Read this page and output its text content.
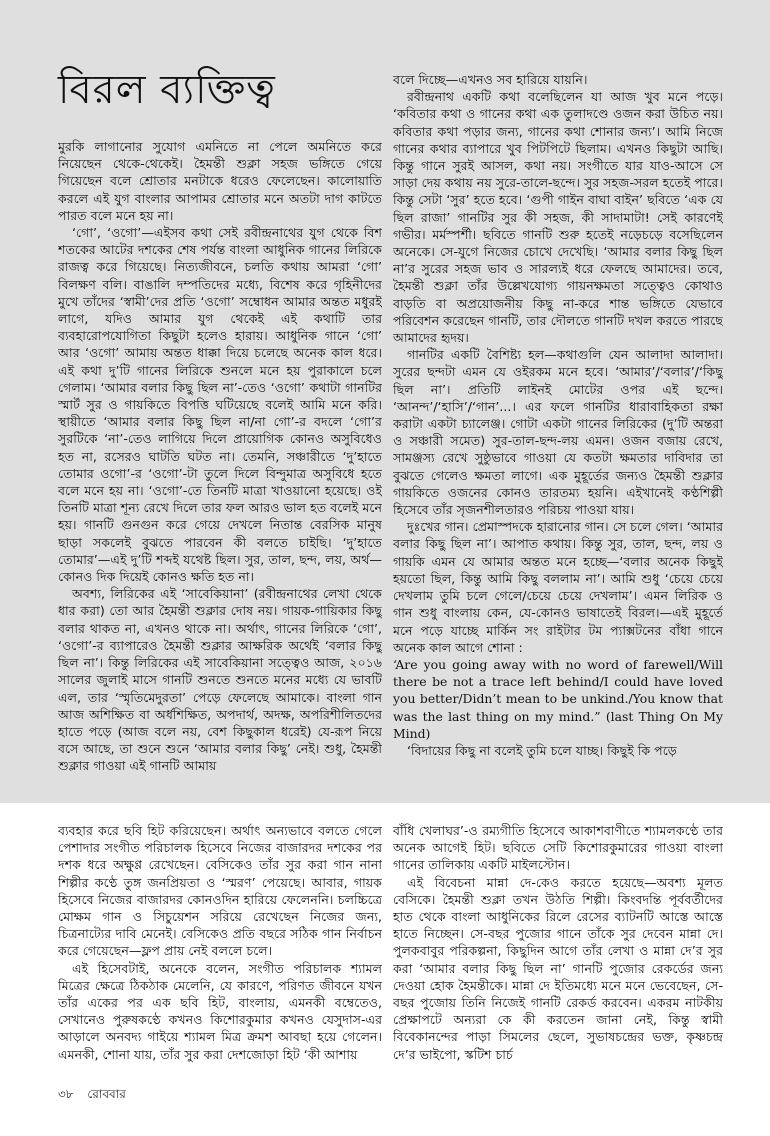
বিরল ব্যক্তিত্ব

মুরকি লাগানোর সুযোগ এমনিতে না পেলে অমনিতে করে নিয়েছেন থেকে-থেকেই। হৈমন্তী শুক্লা সহজ ভঙ্গিতে গেয়ে গিয়েছেন বলে শ্রোতার মনটাকে ধরেও ফেলেছেন। কালোয়াতি করলে এই যুগ বাংলার আপামর শ্রোতার মনে অতটা দাগ কাটতে পারত বলে মনে হয় না।

‘গো’, ‘ওগো’—এইসব কথা সেই রবীন্দ্রনাথের যুগ থেকে বিশ শতকের আটের দশকের শেষ পর্যন্ত বাংলা আধুনিক গানের লিরিকে রাজত্ব করে গিয়েছে। নিত্যজীবনে, চলতি কথায় আমরা ‘গো’ বিলক্ষণ বলি। বাঙালি দম্পতিদের মধ্যে, বিশেষ করে গৃহিনীদের মুখে তাঁদের ‘স্বামী’দের প্রতি ‘ওগো’ সম্বোধন আমার অন্তত মধুরই লাগে, যদিও আমার যুগ থেকেই এই কথাটি তার ব্যবহারোপযোগিতা কিছুটা হলেও হারায়। আধুনিক গানে ‘গো’ আর ‘ওগো’ আমায় অন্তত ধাক্কা দিয়ে চলেছে অনেক কাল ধরে। এই কথা দু’টি গানের লিরিকে শুনলে মনে হয় পুরাকালে চলে গেলাম। ‘আমার বলার কিছু ছিল না’-তেও ‘ওগো’ কথাটা গানটির স্মার্ট সুর ও গায়কিতে বিপত্তি ঘটিয়েছে বলেই আমি মনে করি। স্থায়ীতে ‘আমার বলার কিছু ছিল না/না গো’-র বদলে ‘গো’র সুরটিকে ‘না’-তেও লাগিয়ে দিলে প্রায়োগিক কোনও অসুবিধেও হত না, রসেরও ঘাটতি ঘটত না। তেমনি, সঞ্চারীতে ‘দু’হাতে তোমার ওগো’-র ‘ওগো’-টা তুলে দিলে বিন্দুমাত্র অসুবিধে হতে বলে মনে হয় না। ‘ওগো’-তে তিনটি মাত্রা খাওয়ানো হয়েছে। ওই তিনটি মাত্রা শূন্য রেখে দিলে তার ফল আরও ভাল হত বলেই মনে হয়। গানটি গুনগুন করে গেয়ে দেখলে নিতান্ত বেরসিক মানুষ ছাড়া সকলেই বুঝতে পারবেন কী বলতে চাইছি। ‘দু’হাতে তোমার’—এই দু’টি শব্দই যথেষ্ট ছিল। সুর, তাল, ছন্দ, লয়, অর্থ—কোনও দিক দিয়েই কোনও ক্ষতি হত না।

অবশ্য, লিরিকের এই ‘সাবেকিয়ানা’ (রবীন্দ্রনাথের লেখা থেকে ধার করা) তো আর হৈমন্তী শুক্লার দোষ নয়। গায়ক-গায়িকার কিছু বলার থাকত না, এখনও থাকে না। অর্থাৎ, গানের লিরিকে ‘গো’, ‘ওগো’-র ব্যাপারেও হৈমন্তী শুক্লার আক্ষরিক অর্থেই ‘বলার কিছু ছিল না’। কিন্তু লিরিকের এই সাবেকিয়ানা সত্ত্বেও আজ, ২০১৬ সালের জুলাই মাসে গানটি শুনতে শুনতে মনের মধ্যে যে ভাবটি এল, তার ‘স্মৃতিমেদুরতা’ পেড়ে ফেলেছে আমাকে। বাংলা গান আজ অশিক্ষিত বা অর্ধশিক্ষিত, অপদার্থ, অদক্ষ, অপরিশীলিতদের হাতে পড়ে (আজ বলে নয়, বেশ কিছুকাল ধরেই) যে-রূপ নিয়ে বসে আছে, তা শুনে শুনে ‘আমার বলার কিছু’ নেই। শুধু, হৈমন্তী শুক্লার গাওয়া এই গানটি আমায়

বলে দিচ্ছে—এখনও সব হারিয়ে যায়নি।

রবীন্দ্রনাথ একটি কথা বলেছিলেন যা আজ খুব মনে পড়ে। ‘কবিতার কথা ও গানের কথা এক তুলাদণ্ডে ওজন করা উচিত নয়। কবিতার কথা পড়ার জন্য, গানের কথা শোনার জন্য’। আমি নিজে গানের কথার ব্যাপারে খুব পিটপিটে ছিলাম। এখনও কিছুটা আছি। কিন্তু গানে সুরই আসল, কথা নয়। সংগীতে যার যাও-আসে সে সাড়া দেয় কথায় নয় সুরে-তালে-ছন্দে। সুর সহজ-সরল হতেই পারে। কিন্তু সেটা ‘সুর’ হতে হবে। ‘গুপী গাইন বাঘা বাইন’ ছবিতে ‘এক যে ছিল রাজা’ গানটির সুর কী সহজ, কী সাদামাটা! সেই কারণেই গভীর। মর্মস্পর্শী। ছবিতে গানটি শুরু হতেই নড়েচড়ে বসেছিলেন অনেকে। সে-যুগে নিজের চোখে দেখেছি। ‘আমার বলার কিছু ছিল না’র সুরের সহজ ভাব ও সারল্যই ধরে ফেলছে আমাদের। তবে, হৈমন্তী শুক্লা তাঁর উল্লেখযোগ্য গায়নক্ষমতা সত্ত্বেও কোথাও বাড়তি বা অপ্রয়োজনীয় কিছু না-করে শান্ত ভঙ্গিতে যেভাবে পরিবেশন করেছেন গানটি, তার দৌলতে গানটি দখল করতে পারছে আমাদের হৃদয়।

গানটির একটি বৈশিষ্ট্য হল—কথাগুলি যেন আলাদা আলাদা। সুরের ছন্দটা এমন যে ওইরকম মনে হবে। ‘আমার’/‘বলার’/‘কিছু ছিল না’। প্রতিটি লাইনই মোটের ওপর এই ছন্দে। ‘আনন্দ’/‘হাসি’/‘গান’...। এর ফলে গানটির ধারাবাহিকতা রক্ষা করাটা একটা চ্যালেঞ্জ। গোটা একটা গানের লিরিকের (দু’টি অন্তরা ও সঞ্চারী সমেত) সুর-তাল-ছন্দ-লয় এমন। ওজন বজায় রেখে, সামঞ্জস্য রেখে সুষ্ঠুভাবে গাওয়া যে কতটা ক্ষমতার দাবিদার তা বুঝতে গেলেও ক্ষমতা লাগে। এক মুহূর্তের জন্যও হৈমন্তী শুক্লার গায়কিতে ওজনের কোনও তারতম্য হয়নি। এইখানেই কণ্ঠশিল্পী হিসেবে তাঁর সৃজনশীলতারও পরিচয় পাওয়া যায়।

দুঃখের গান। প্রেমাস্পদকে হারানোর গান। সে চলে গেল। ‘আমার বলার কিছু ছিল না’। আপাত কথায়। কিন্তু সুর, তাল, ছন্দ, লয় ও গায়কি এমন যে আমার অন্তত মনে হচ্ছে—‘বলার অনেক কিছুই হয়তো ছিল, কিন্তু আমি কিছু বললাম না’। আমি শুধু ‘চেয়ে চেয়ে দেখলাম তুমি চলে গেলে/চেয়ে চেয়ে দেখলাম’। এমন লিরিক ও গান শুধু বাংলায় কেন, যে-কোনও ভাষাতেই বিরল।—এই মুহূর্তে মনে পড়ে যাচ্ছে মার্কিন সং রাইটার টম প্যাক্সটনের বাঁধা গানে অনেক কাল আগে শোনা :

‘Are you going away with no word of farewell/Will there be not a trace left behind/I could have loved you better/Didn’t mean to be unkind./You know that was the last thing on my mind.” (last Thing On My Mind)

‘বিদায়ের কিছু না বলেই তুমি চলে যাচ্ছ। কিছুই কি পড়ে

ব্যবহার করে ছবি হিট করিয়েছেন। অর্থাৎ অন্যভাবে বলতে গেলে পেশাদার সংগীত পরিচালক হিসেবে নিজের বাজারদর দশকের পর দশক ধরে অক্ষুণ্ণ রেখেছেন। বেসিকেও তাঁর সুর করা গান নানা শিল্পীর কণ্ঠে তুঙ্গ জনপ্রিয়তা ও ‘স্মরণ’ পেয়েছে। আবার, গায়ক হিসেবে নিজের বাজারদর কোনওদিন হারিয়ে ফেলেননি। চলচ্চিত্রে মোক্ষম গান ও সিচুয়েশন সরিয়ে রেখেছেন নিজের জন্য, চিত্রনাট্যের দাবি মেনেই। বেসিকেও প্রতি বছরে সঠিক গান নির্বাচন করে গেয়েছেন—ফ্লপ প্রায় নেই বললে চলে।

এই হিসেবটাই, অনেকে বলেন, সংগীত পরিচালক শ্যামল মিত্রের ক্ষেত্রে ঠিকঠাক মেলেনি, যে কারণে, পরিণত জীবনে যখন তাঁর একের পর এক ছবি হিট, বাংলায়, এমনকী বম্বেতেও, সেখানেও পুরুষকণ্ঠে কখনও কিশোরকুমার কখনও যেসুদাস-এর আড়ালে অনবদ্য গাইয়ে শ্যামল মিত্র ক্রমশ আবছা হয়ে গেলেন। এমনকী, শোনা যায়, তাঁর সুর করা দেশজোড়া হিট ‘কী আশায়

বাঁধি খেলাঘর’-ও রম্যগীতি হিসেবে আকাশবাণীতে শ্যামলকণ্ঠে তার অনেক আগেই হিট। ছবিতে সেটি কিশোরকুমারের গাওয়া বাংলা গানের তালিকায় একটি মাইলস্টোন।

এই বিবেচনা মান্না দে-কেও করতে হয়েছে—অবশ্য মূলত বেসিকে। হৈমন্তী শুক্লা তখন উঠতি শিল্পী। কিংবদন্তি পূর্ববর্তীদের হাত থেকে বাংলা আধুনিকের রিলে রেসের ব্যাটনটি আস্তে আস্তে হাতে নিচ্ছেন। সে-বছর পুজোর গানে তাঁকে সুর দেবেন মান্না দে। পুলকবাবুর পরিকল্পনা, কিছুদিন আগে তাঁর লেখা ও মান্না দে’র সুর করা ‘আমার বলার কিছু ছিল না’ গানটি পুজোর রেকর্ডের জন্য দেওয়া হোক হৈমন্তীকে। মান্না দে ইতিমধ্যে মনে মনে ভেবেছেন, সে-বছর পুজোয় তিনি নিজেই গানটি রেকর্ড করবেন। একরম নাটকীয় প্রেক্ষাপটে অন্যরা কে কী করতেন জানা নেই, কিন্তু স্বামী বিবেকানন্দের পাড়া সিমলের ছেলে, সুভাষচন্দ্রের ভক্ত, কৃষ্ণচন্দ্র দে’র ভাইপো, স্কটিশ চার্চ

৩৮ রোববার
